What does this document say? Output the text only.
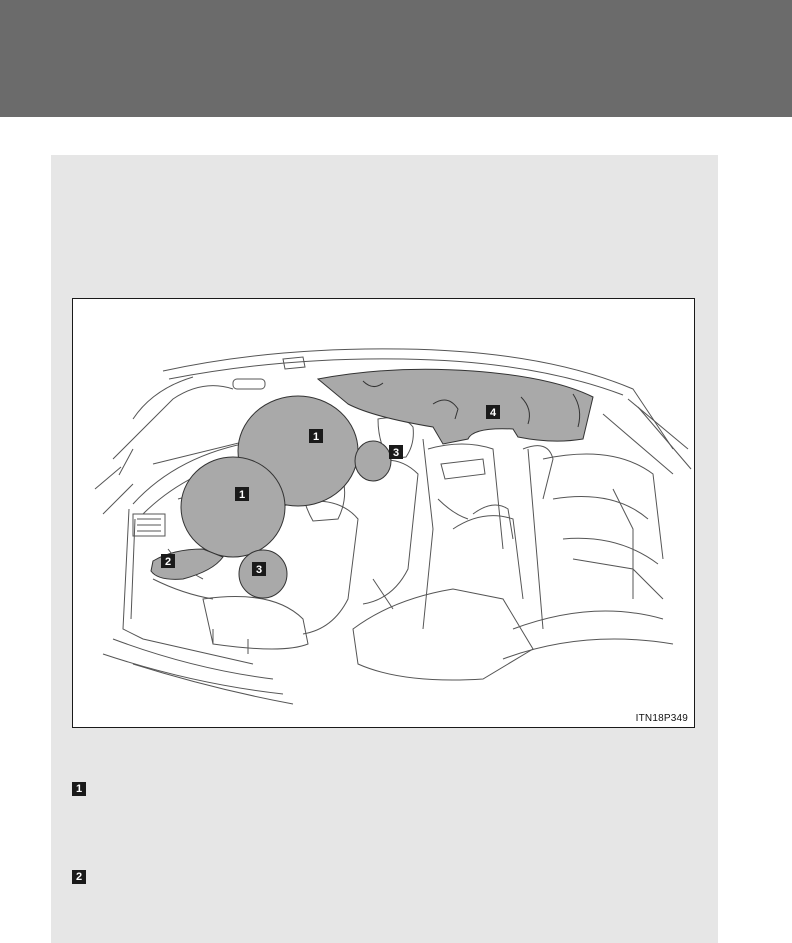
1
1
2
3
3
4
ITN18P349
1
2
